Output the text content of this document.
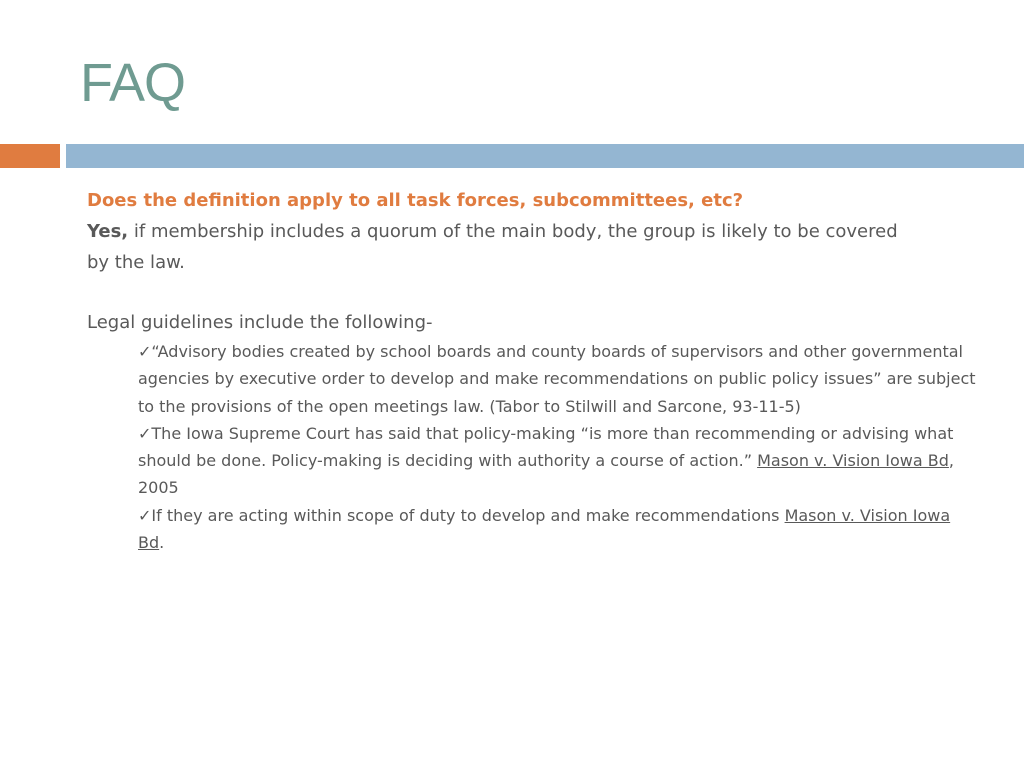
FAQ
Does the definition apply to all task forces, subcommittees, etc?

Yes, if membership includes a quorum of the main body, the group is likely to be covered by the law.

Legal guidelines include the following-
✓“Advisory bodies created by school boards and county boards of supervisors and other governmental agencies by executive order to develop and make recommendations on public policy issues” are subject to the provisions of the open meetings law. (Tabor to Stilwill and Sarcone, 93-11-5)
✓The Iowa Supreme Court has said that policy-making “is more than recommending or advising what should be done. Policy-making is deciding with authority a course of action.” Mason v. Vision Iowa Bd, 2005
✓If they are acting within scope of duty to develop and make recommendations Mason v. Vision Iowa Bd.
